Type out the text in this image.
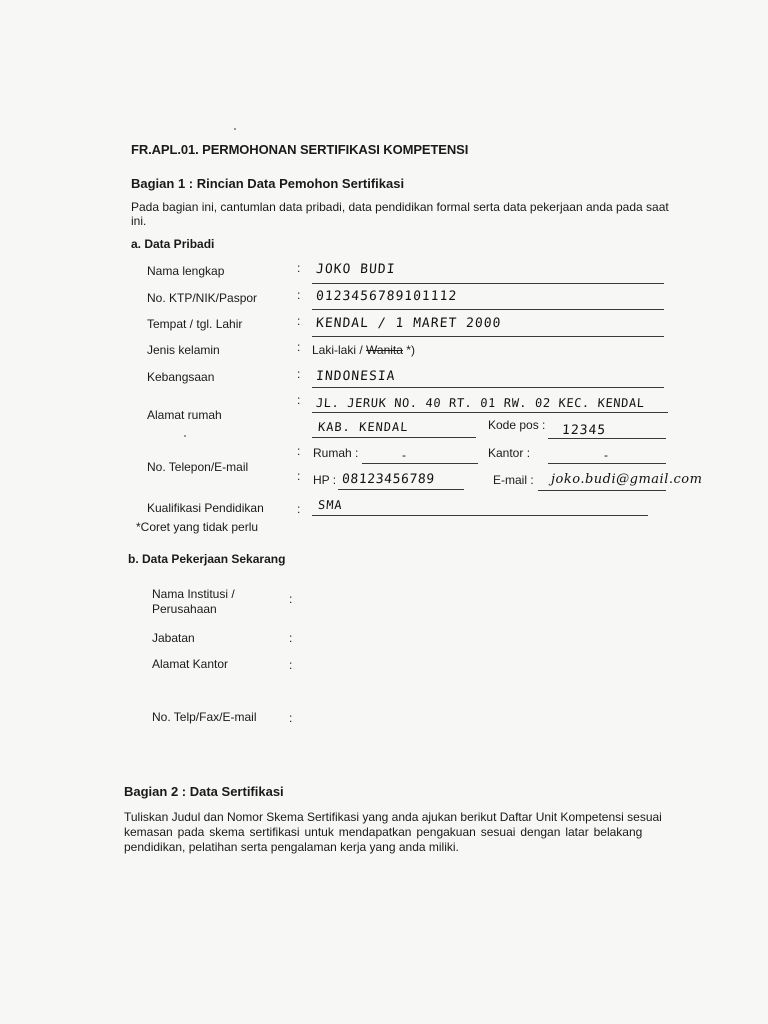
FR.APL.01. PERMOHONAN SERTIFIKASI KOMPETENSI
Bagian 1 : Rincian Data Pemohon Sertifikasi
Pada bagian ini, cantumlan data pribadi, data pendidikan formal serta data pekerjaan anda pada saat
ini.
a. Data Pribadi
Nama lengkap	: JOKO BUDI
No. KTP/NIK/Paspor	: 0123456789101112
Tempat / tgl. Lahir	: KENDAL / 1 MARET 2000
Jenis kelamin	: Laki-laki / Wanita *)
Kebangsaan	: INDONESIA
Alamat rumah
: JL. JERUK NO. 40 RT. 01 RW. 02 KEC. KENDAL
KAB. KENDAL	Kode pos : 12345
No. Telepon/E-mail
: Rumah :	-	Kantor :	-
: HP : 08123456789	E-mail : joko.budi@gmail.com
Kualifikasi Pendidikan	: SMA
*Coret yang tidak perlu
b. Data Pekerjaan Sekarang
Nama Institusi /
Perusahaan
:
Jabatan	:
Alamat Kantor	:
No. Telp/Fax/E-mail	:
Bagian 2 : Data Sertifikasi
Tuliskan Judul dan Nomor Skema Sertifikasi yang anda ajukan berikut Daftar Unit Kompetensi sesuai
kemasan pada skema sertifikasi untuk mendapatkan pengakuan sesuai dengan latar belakang
pendidikan, pelatihan serta pengalaman kerja yang anda miliki.
